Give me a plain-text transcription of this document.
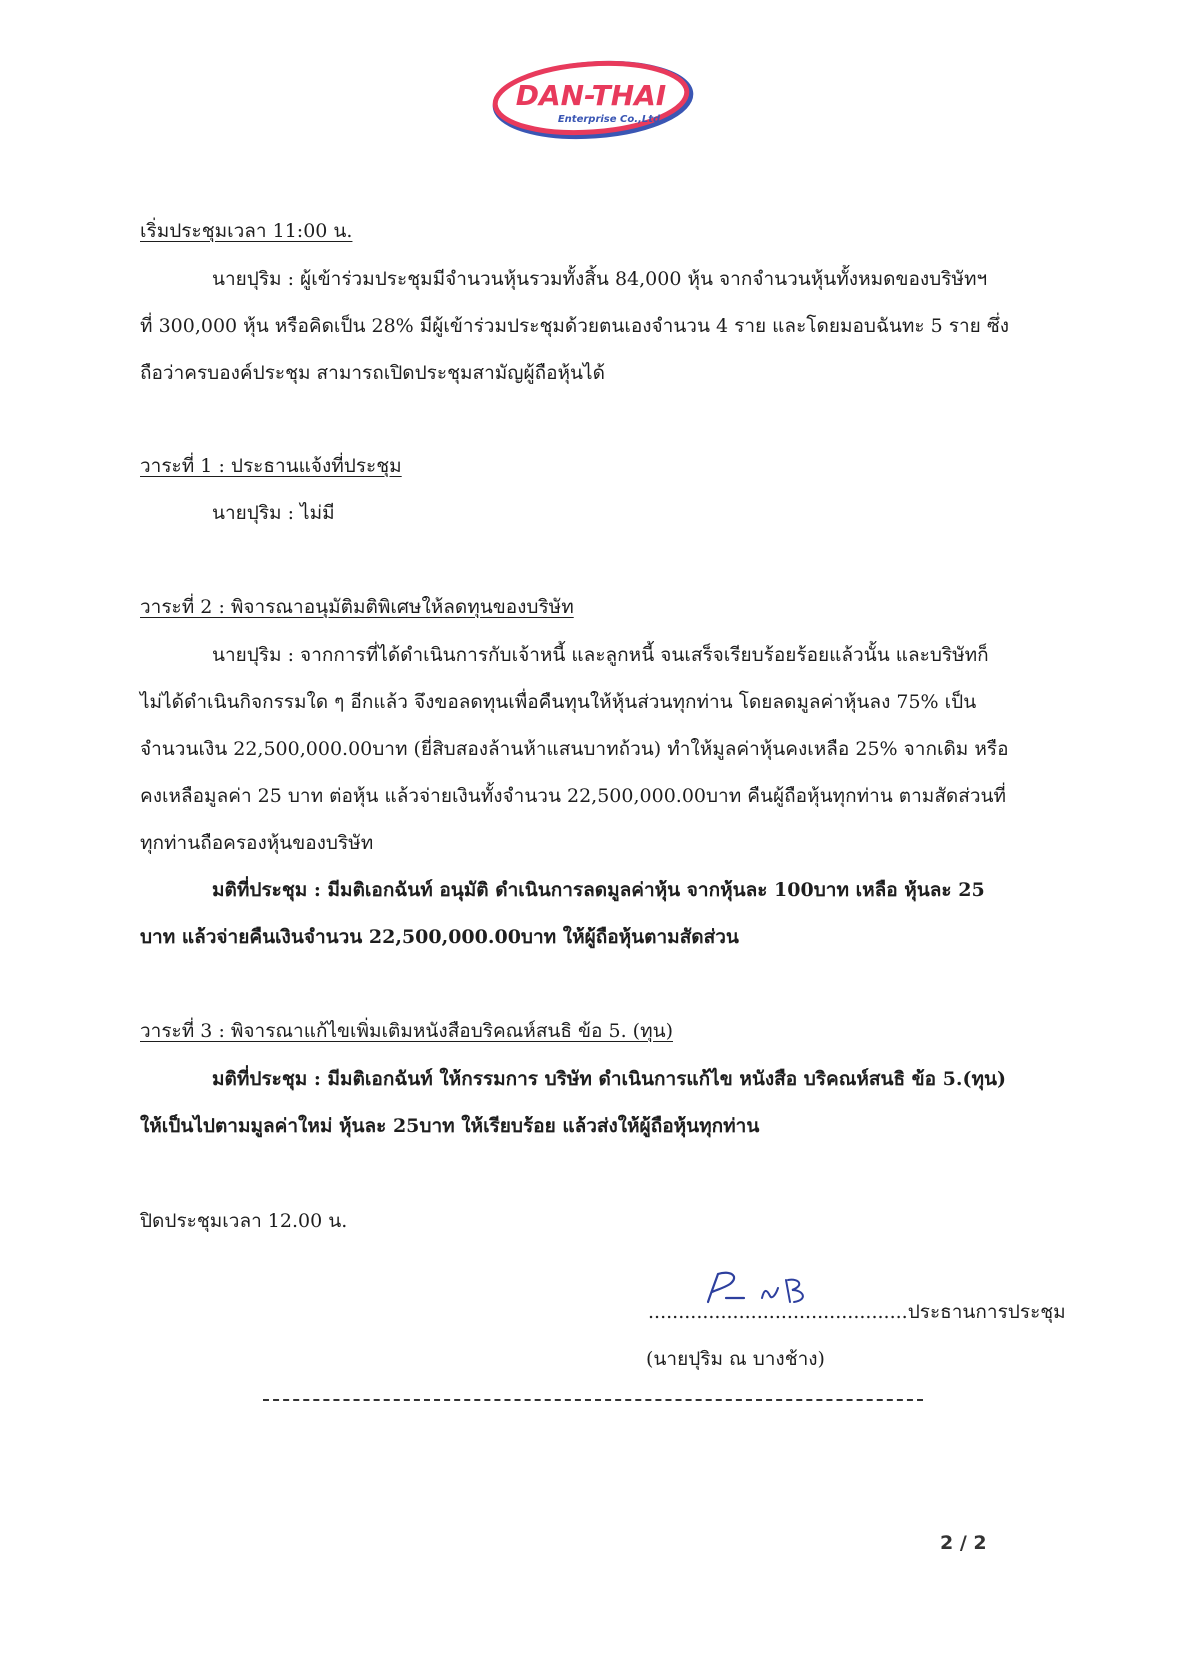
DAN-THAI
Enterprise Co.,Ltd
เริ่มประชุมเวลา 11:00 น.
นายปุริม : ผู้เข้าร่วมประชุมมีจำนวนหุ้นรวมทั้งสิ้น 84,000 หุ้น จากจำนวนหุ้นทั้งหมดของบริษัทฯ
ที่ 300,000 หุ้น หรือคิดเป็น 28% มีผู้เข้าร่วมประชุมด้วยตนเองจำนวน 4 ราย และโดยมอบฉันทะ 5 ราย ซึ่ง
ถือว่าครบองค์ประชุม สามารถเปิดประชุมสามัญผู้ถือหุ้นได้
วาระที่ 1 : ประธานแจ้งที่ประชุม
นายปุริม : ไม่มี
วาระที่ 2 : พิจารณาอนุมัติมติพิเศษให้ลดทุนของบริษัท
นายปุริม : จากการที่ได้ดำเนินการกับเจ้าหนี้ และลูกหนี้ จนเสร็จเรียบร้อยร้อยแล้วนั้น และบริษัทก็
ไม่ได้ดำเนินกิจกรรมใด ๆ อีกแล้ว จึงขอลดทุนเพื่อคืนทุนให้หุ้นส่วนทุกท่าน โดยลดมูลค่าหุ้นลง 75% เป็น
จำนวนเงิน 22,500,000.00บาท (ยี่สิบสองล้านห้าแสนบาทถ้วน) ทำให้มูลค่าหุ้นคงเหลือ 25% จากเดิม หรือ
คงเหลือมูลค่า 25 บาท ต่อหุ้น แล้วจ่ายเงินทั้งจำนวน 22,500,000.00บาท คืนผู้ถือหุ้นทุกท่าน ตามสัดส่วนที่
ทุกท่านถือครองหุ้นของบริษัท
มติที่ประชุม : มีมติเอกฉันท์ อนุมัติ ดำเนินการลดมูลค่าหุ้น จากหุ้นละ 100บาท เหลือ หุ้นละ 25
บาท แล้วจ่ายคืนเงินจำนวน 22,500,000.00บาท ให้ผู้ถือหุ้นตามสัดส่วน
วาระที่ 3 : พิจารณาแก้ไขเพิ่มเติมหนังสือบริคณห์สนธิ ข้อ 5. (ทุน)
มติที่ประชุม : มีมติเอกฉันท์ ให้กรรมการ บริษัท ดำเนินการแก้ไข หนังสือ บริคณห์สนธิ ข้อ 5.(ทุน)
ให้เป็นไปตามมูลค่าใหม่ หุ้นละ 25บาท ให้เรียบร้อย แล้วส่งให้ผู้ถือหุ้นทุกท่าน
ปิดประชุมเวลา 12.00 น.
...........................................ประธานการประชุม
(นายปุริม ณ บางช้าง)
2 / 2
